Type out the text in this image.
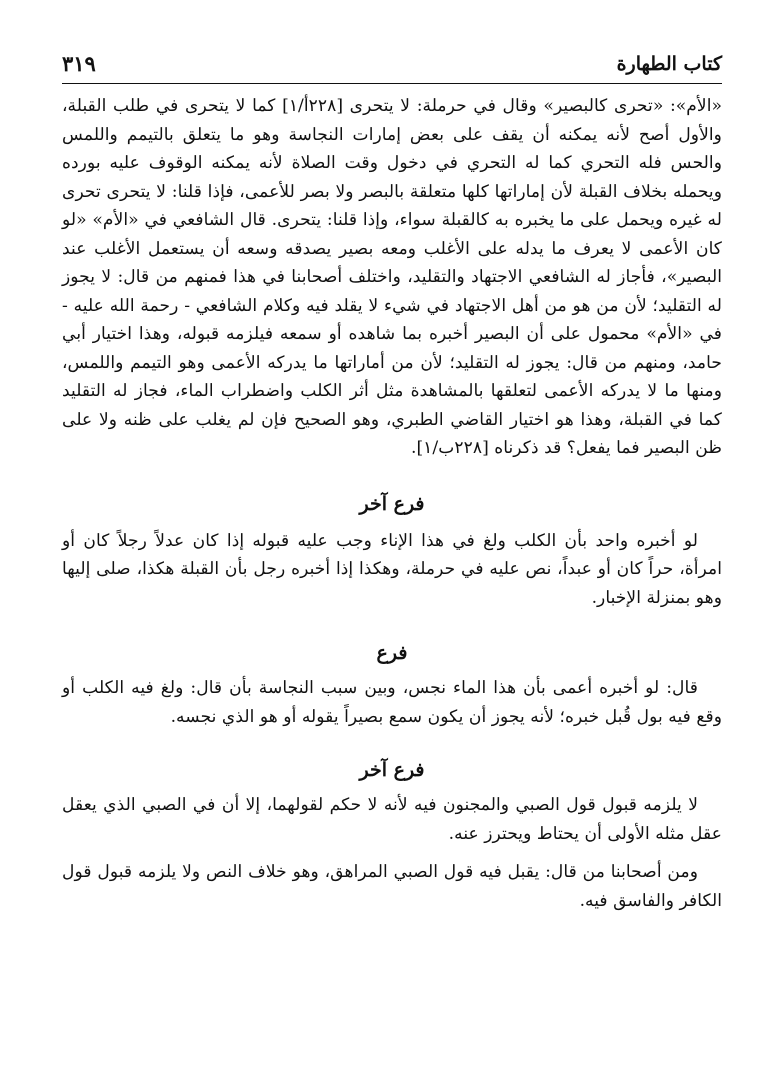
كتاب الطهارة
٣١٩

«الأم»: «تحرى كالبصير» وقال في حرملة: لا يتحرى [٢٢٨أ/١] كما لا يتحرى في طلب القبلة، والأول أصح لأنه يمكنه أن يقف على بعض إمارات النجاسة وهو ما يتعلق بالتيمم واللمس والحس فله التحري كما له التحري في دخول وقت الصلاة لأنه يمكنه الوقوف عليه بورده ويحمله بخلاف القبلة لأن إماراتها كلها متعلقة بالبصر ولا بصر للأعمى، فإذا قلنا: لا يتحرى تحرى له غيره ويحمل على ما يخبره به كالقبلة سواء، وإذا قلنا: يتحرى. قال الشافعي في «الأم» «لو كان الأعمى لا يعرف ما يدله على الأغلب ومعه بصير يصدقه وسعه أن يستعمل الأغلب عند البصير»، فأجاز له الشافعي الاجتهاد والتقليد، واختلف أصحابنا في هذا فمنهم من قال: لا يجوز له التقليد؛ لأن من هو من أهل الاجتهاد في شيء لا يقلد فيه وكلام الشافعي - رحمة الله عليه - في «الأم» محمول على أن البصير أخبره بما شاهده أو سمعه فيلزمه قبوله، وهذا اختيار أبي حامد، ومنهم من قال: يجوز له التقليد؛ لأن من أماراتها ما يدركه الأعمى وهو التيمم واللمس، ومنها ما لا يدركه الأعمى لتعلقها بالمشاهدة مثل أثر الكلب واضطراب الماء، فجاز له التقليد كما في القبلة، وهذا هو اختيار القاضي الطبري، وهو الصحيح فإن لم يغلب على ظنه ولا على ظن البصير فما يفعل؟ قد ذكرناه [٢٢٨ب/١].

فرع آخر

لو أخبره واحد بأن الكلب ولغ في هذا الإناء وجب عليه قبوله إذا كان عدلاً رجلاً كان أو امرأة، حراً كان أو عبداً، نص عليه في حرملة، وهكذا إذا أخبره رجل بأن القبلة هكذا، صلى إليها وهو بمنزلة الإخبار.

فرع

قال: لو أخبره أعمى بأن هذا الماء نجس، وبين سبب النجاسة بأن قال: ولغ فيه الكلب أو وقع فيه بول قُبل خبره؛ لأنه يجوز أن يكون سمع بصيراً يقوله أو هو الذي نجسه.

فرع آخر

لا يلزمه قبول قول الصبي والمجنون فيه لأنه لا حكم لقولهما، إلا أن في الصبي الذي يعقل عقل مثله الأولى أن يحتاط ويحترز عنه.

ومن أصحابنا من قال: يقبل فيه قول الصبي المراهق، وهو خلاف النص ولا يلزمه قبول قول الكافر والفاسق فيه.
